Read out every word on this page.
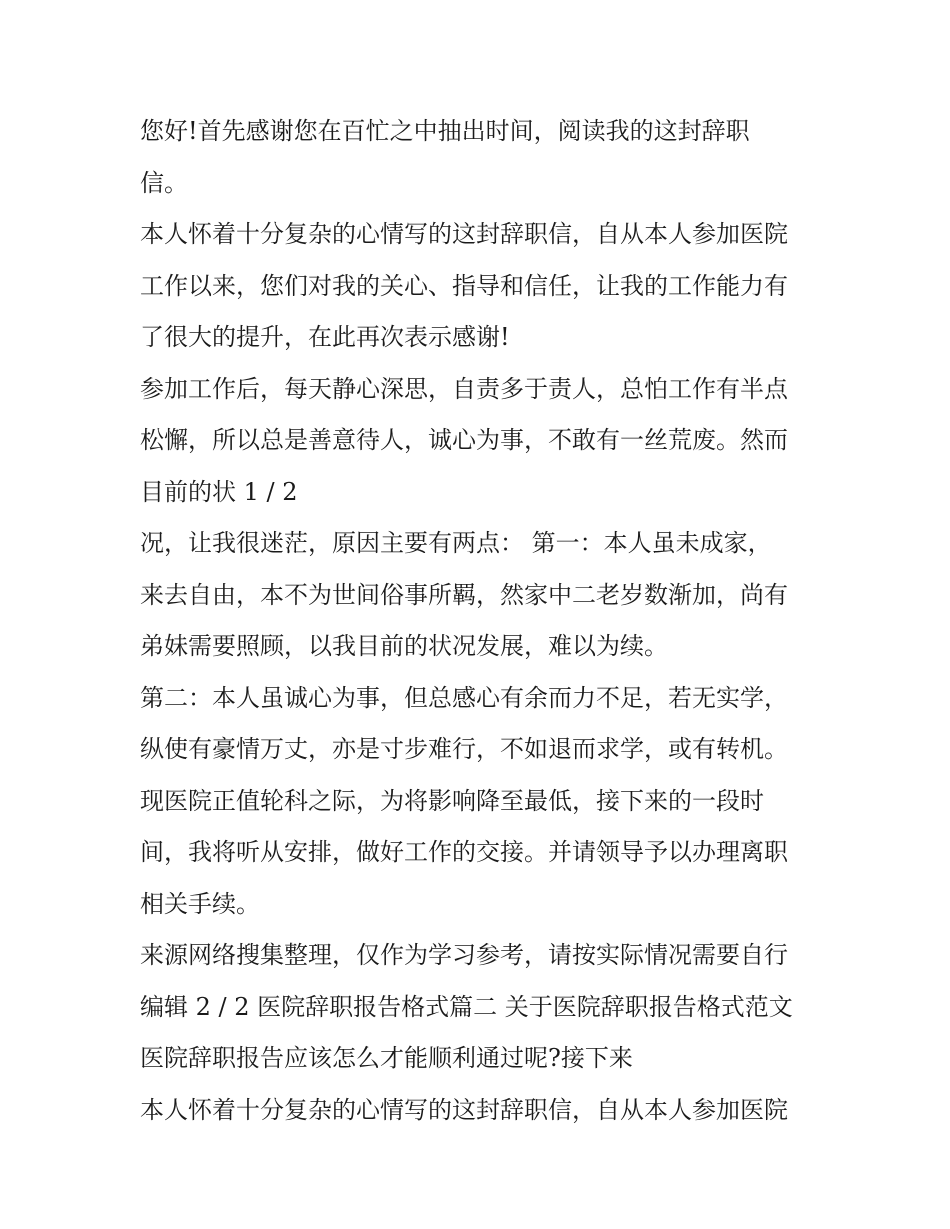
您好!首先感谢您在百忙之中抽出时间，阅读我的这封辞职
信。
本人怀着十分复杂的心情写的这封辞职信，自从本人参加医院
工作以来，您们对我的关心、指导和信任，让我的工作能力有
了很大的提升，在此再次表示感谢!
参加工作后，每天静心深思，自责多于责人，总怕工作有半点
松懈，所以总是善意待人，诚心为事，不敢有一丝荒废。然而
目前的状 1 / 2
况，让我很迷茫，原因主要有两点： 第一：本人虽未成家，
来去自由，本不为世间俗事所羁，然家中二老岁数渐加，尚有
弟妹需要照顾，以我目前的状况发展，难以为续。
第二：本人虽诚心为事，但总感心有余而力不足，若无实学，
纵使有豪情万丈，亦是寸步难行，不如退而求学，或有转机。
现医院正值轮科之际，为将影响降至最低，接下来的一段时
间，我将听从安排，做好工作的交接。并请领导予以办理离职
相关手续。
来源网络搜集整理，仅作为学习参考，请按实际情况需要自行
编辑 2 / 2 医院辞职报告格式篇二 关于医院辞职报告格式范文
医院辞职报告应该怎么才能顺利通过呢?接下来
本人怀着十分复杂的心情写的这封辞职信，自从本人参加医院
